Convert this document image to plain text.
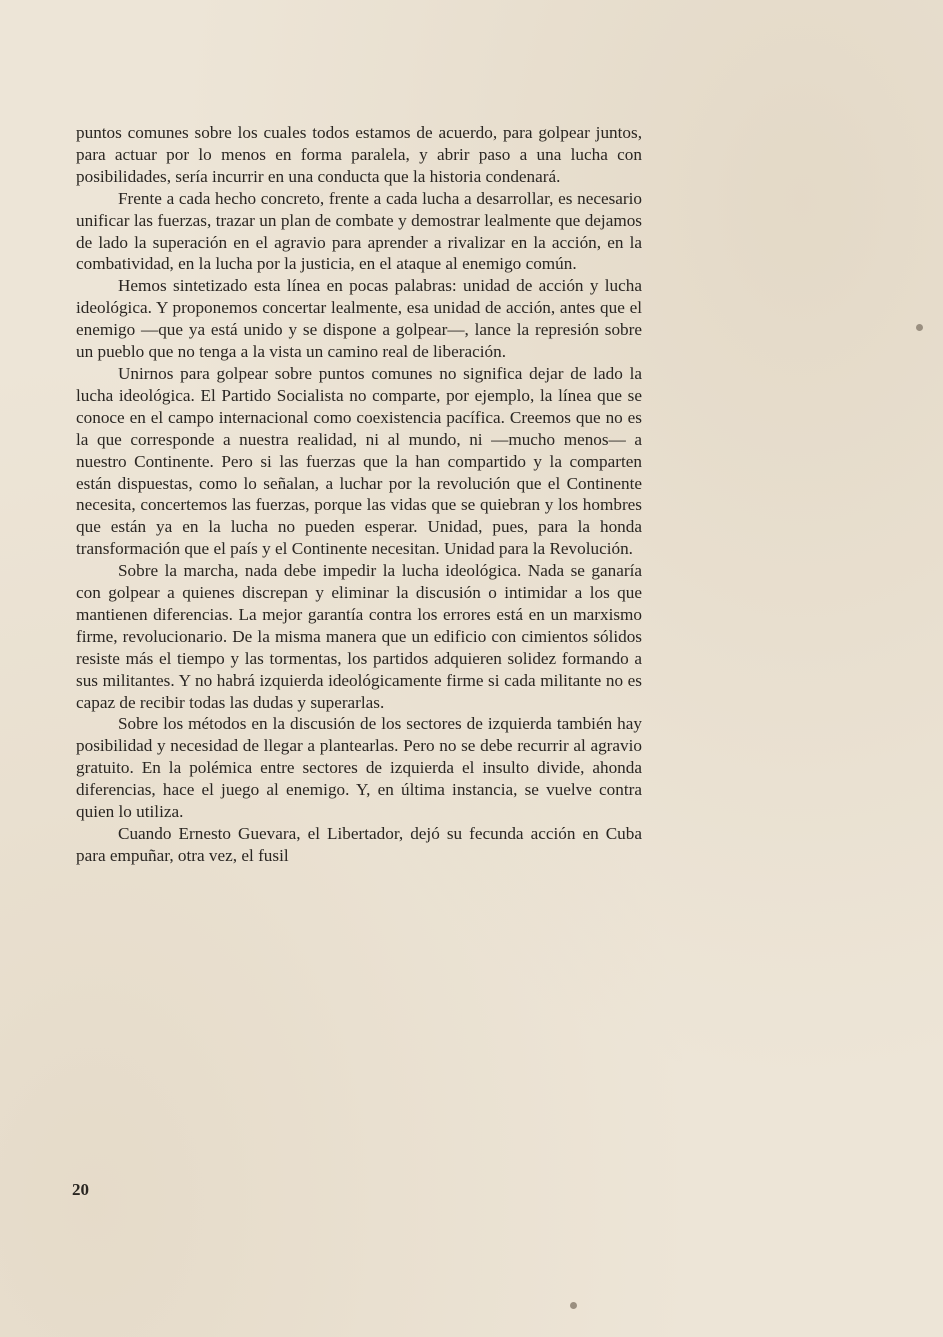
puntos comunes sobre los cuales todos estamos de acuerdo, para golpear juntos, para actuar por lo menos en forma paralela, y abrir paso a una lucha con posibilidades, sería incurrir en una conducta que la historia condenará.

Frente a cada hecho concreto, frente a cada lucha a desarrollar, es necesario unificar las fuerzas, trazar un plan de combate y demostrar lealmente que dejamos de lado la superación en el agravio para aprender a rivalizar en la acción, en la combatividad, en la lucha por la justicia, en el ataque al enemigo común.

Hemos sintetizado esta línea en pocas palabras: unidad de acción y lucha ideológica. Y proponemos concertar lealmente, esa unidad de acción, antes que el enemigo —que ya está unido y se dispone a golpear—, lance la represión sobre un pueblo que no tenga a la vista un camino real de liberación.

Unirnos para golpear sobre puntos comunes no significa dejar de lado la lucha ideológica. El Partido Socialista no comparte, por ejemplo, la línea que se conoce en el campo internacional como coexistencia pacífica. Creemos que no es la que corresponde a nuestra realidad, ni al mundo, ni —mucho menos— a nuestro Continente. Pero si las fuerzas que la han compartido y la comparten están dispuestas, como lo señalan, a luchar por la revolución que el Continente necesita, concertemos las fuerzas, porque las vidas que se quiebran y los hombres que están ya en la lucha no pueden esperar. Unidad, pues, para la honda transformación que el país y el Continente necesitan. Unidad para la Revolución.

Sobre la marcha, nada debe impedir la lucha ideológica. Nada se ganaría con golpear a quienes discrepan y eliminar la discusión o intimidar a los que mantienen diferencias. La mejor garantía contra los errores está en un marxismo firme, revolucionario. De la misma manera que un edificio con cimientos sólidos resiste más el tiempo y las tormentas, los partidos adquieren solidez formando a sus militantes. Y no habrá izquierda ideológicamente firme si cada militante no es capaz de recibir todas las dudas y superarlas.

Sobre los métodos en la discusión de los sectores de izquierda también hay posibilidad y necesidad de llegar a plantearlas. Pero no se debe recurrir al agravio gratuito. En la polémica entre sectores de izquierda el insulto divide, ahonda diferencias, hace el juego al enemigo. Y, en última instancia, se vuelve contra quien lo utiliza.

Cuando Ernesto Guevara, el Libertador, dejó su fecunda acción en Cuba para empuñar, otra vez, el fusil

20
